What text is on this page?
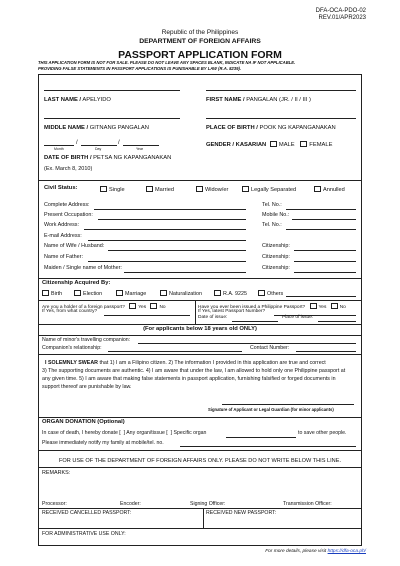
DFA-OCA-PDO-02
REV.01/APR2023
Republic of the Philippines
DEPARTMENT OF FOREIGN AFFAIRS
PASSPORT APPLICATION FORM
THIS APPLICATION FORM IS NOT FOR SALE. PLEASE DO NOT LEAVE ANY SPACES BLANK, INDICATE NA IF NOT APPLICABLE.
PROVIDING FALSE STATEMENTS IN PASSPORT APPLICATIONS IS PUNISHABLE BY LAW (R.A. 8239).
LAST NAME / APELYIDO	FIRST NAME / PANGALAN (JR. / II / III )
MIDDLE NAME / GITNANG PANGALAN	PLACE OF BIRTH / POOK NG KAPANGANAKAN
/	/
Month	Day	Year
DATE OF BIRTH / PETSA NG KAPANGANAKAN
(Ex. March 8, 2010)
GENDER / KASARIAN MALE	FEMALE
Civil Status:	Single	Married	Widow/er	Legally Separated	Annulled
Complete Address:	Tel. No.:
Present Occupation:	Mobile No.:
Work Address:	Tel. No.:
E-mail Address:
Name of Wife / Husband:	Citizenship:
Name of Father:	Citizenship:
Maiden / Single name of Mother:	Citizenship:
Citizenship Acquired By:
Birth	Election	Marriage	Naturalization	R.A. 9225	Others
Are you a holder of a foreign passport?	Yes	No
If Yes, from what country?
Have you ever been issued a Philippine Passport?	Yes	No
If Yes, latest Passport Number?
Date of issue:	Place of issue:
(For applicants below 18 years old ONLY)
Name of minor's travelling companion:
Companion's relationship:	Contact Number:
I SOLEMNLY SWEAR that 1) I am a Filipino citizen. 2) The information I provided in this application are true and correct
3) The supporting documents are authentic. 4) I am aware that under the law, I am allowed to hold only one Philippine passport at
any given time. 5) I am aware that making false statements in passport application, furnishing falsified or forged documents in
support thereof are punishable by law.
Signature of Applicant or Legal Guardian (for minor applicants)
ORGAN DONATION (Optional)
In case of death, I hereby donate [ ] Any organ/tissue [ ] Specific organ	to save other people.
Please immediately notify my family at mobile/tel. no.
FOR USE OF THE DEPARTMENT OF FOREIGN AFFAIRS ONLY. PLEASE DO NOT WRITE BELOW THIS LINE.
REMARKS:
Processor:	Encoder:	Signing Officer:	Transmission Officer:
RECEIVED CANCELLED PASSPORT:	RECEIVED NEW PASSPORT:
FOR ADMINISTRATIVE USE ONLY:
For more details, please visit https://dfa-oca.ph/
